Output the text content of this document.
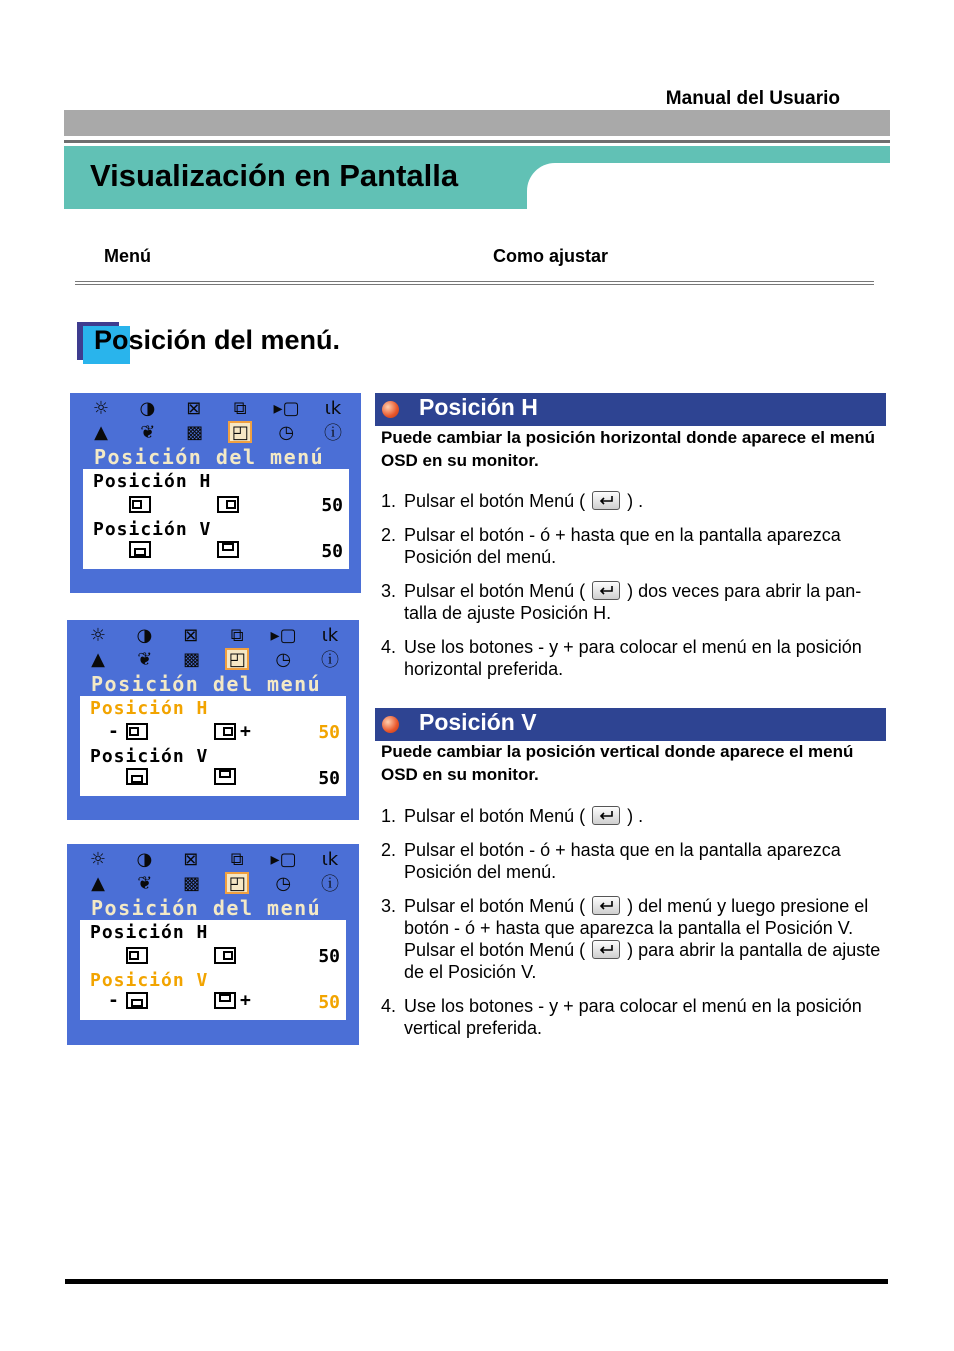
Manual del Usuario
Visualización en Pantalla
Menú	Como ajustar
Posición del menú.
☼ ◑	⊠	⧉	▸▢ ɩk
▲	❦	▩ ◰ ◷ ⓘ
Posición del menú
Posición H
50
Posición V
50
☼ ◑	⊠	⧉	▸▢ ɩk
▲	❦	▩ ◰ ◷ ⓘ
Posición del menú
Posición H
-	+	50
Posición V
50
☼ ◑	⊠	⧉	▸▢ ɩk
▲	❦	▩ ◰ ◷ ⓘ
Posición del menú
Posición H
50
Posición V
-	+	50
Posición H
Puede cambiar la posición horizontal donde aparece el menú OSD en su monitor.
1. Pulsar el botón Menú ( ) .
2. Pulsar el botón - ó + hasta que en la pantalla aparezca Posición del menú.
3. Pulsar el botón Menú ( ) dos veces para abrir la pantalla de ajuste Posición H.
4. Use los botones - y + para colocar el menú en la posición horizontal preferida.
Posición V
Puede cambiar la posición vertical donde aparece el menú OSD en su monitor.
1. Pulsar el botón Menú ( ) .
2. Pulsar el botón - ó + hasta que en la pantalla aparezca Posición del menú.
3. Pulsar el botón Menú ( ) del menú y luego presione el botón - ó + hasta que aparezca la pantalla el Posición V. Pulsar el botón Menú ( ) para abrir la pantalla de ajuste de el Posición V.
4. Use los botones - y + para colocar el menú en la posición vertical preferida.
